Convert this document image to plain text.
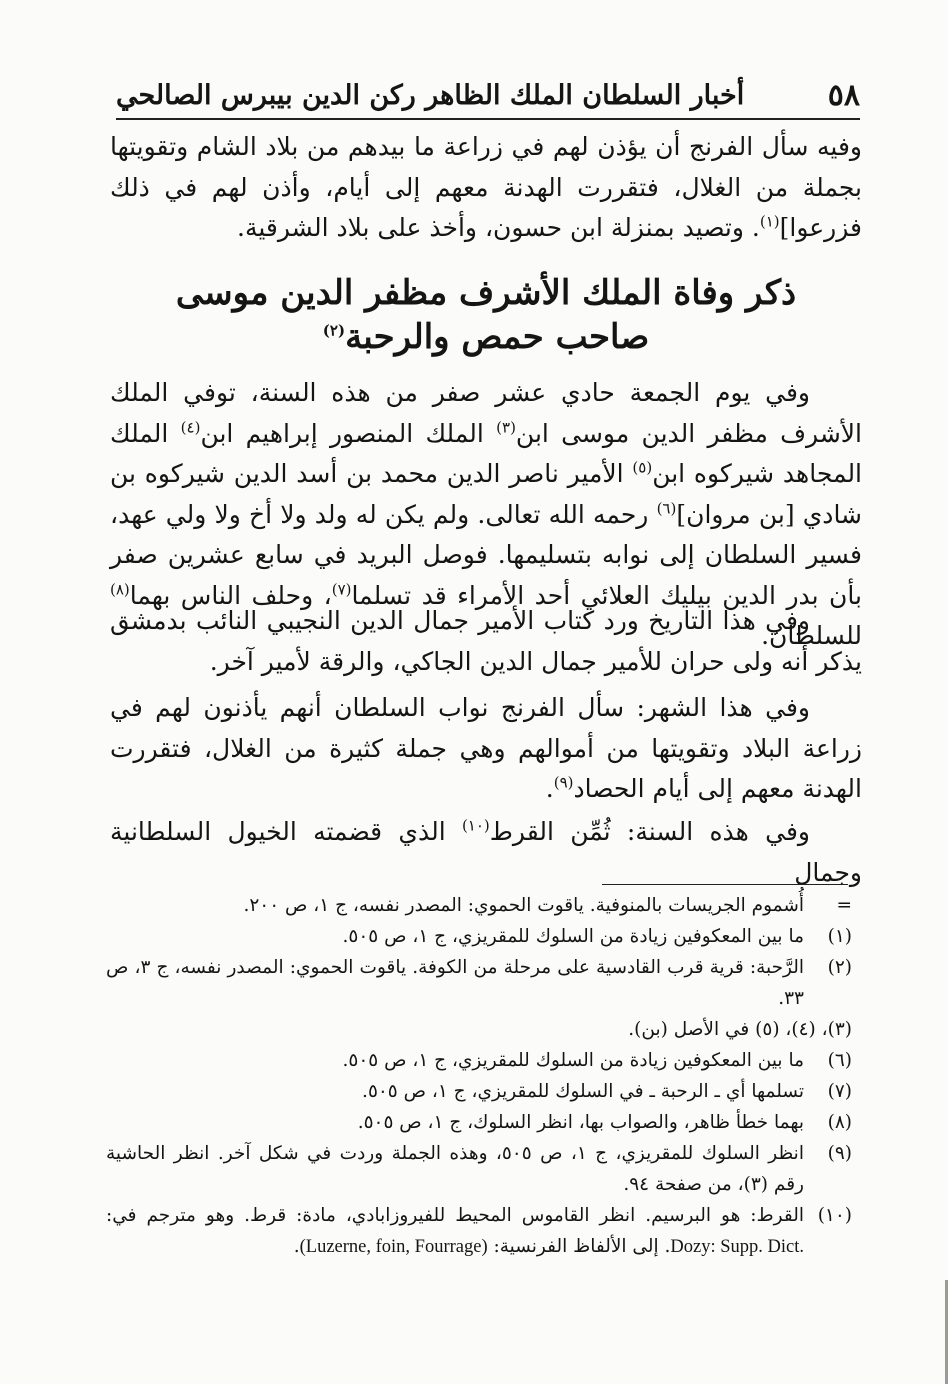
٥٨
أخبار السلطان الملك الظاهر ركن الدين بيبرس الصالحي
وفيه سأل الفرنج أن يؤذن لهم في زراعة ما بيدهم من بلاد الشام وتقويتها بجملة من الغلال، فتقررت الهدنة معهم إلى أيام، وأذن لهم في ذلك فزرعوا]$^{(١)}$. وتصيد بمنزلة ابن حسون، وأخذ على بلاد الشرقية.
ذكر وفاة الملك الأشرف مظفر الدين موسى
صاحب حمص والرحبة$^{(٢)}$
وفي يوم الجمعة حادي عشر صفر من هذه السنة، توفي الملك الأشرف مظفر الدين موسى ابن$^{(٣)}$ الملك المنصور إبراهيم ابن$^{(٤)}$ الملك المجاهد شيركوه ابن$^{(٥)}$ الأمير ناصر الدين محمد بن أسد الدين شيركوه بن شادي [بن مروان]$^{(٦)}$ رحمه الله تعالى. ولم يكن له ولد ولا أخ ولا ولي عهد، فسير السلطان إلى نوابه بتسليمها. فوصل البريد في سابع عشرين صفر بأن بدر الدين بيليك العلائي أحد الأمراء قد تسلما$^{(٧)}$، وحلف الناس بهما$^{(٨)}$ للسلطان.
وفي هذا التاريخ ورد كتاب الأمير جمال الدين النجيبي النائب بدمشق يذكر أنه ولى حران للأمير جمال الدين الجاكي، والرقة لأمير آخر.
وفي هذا الشهر: سأل الفرنج نواب السلطان أنهم يأذنون لهم في زراعة البلاد وتقويتها من أموالهم وهي جملة كثيرة من الغلال، فتقررت الهدنة معهم إلى أيام الحصاد$^{(٩)}$.
وفي هذه السنة: ثُمِّن القرط$^{(١٠)}$ الذي قضمته الخيول السلطانية وجمال
=
أُشموم الجريسات بالمنوفية. ياقوت الحموي: المصدر نفسه، ج ١، ص ٢٠٠.
(١)
ما بين المعكوفين زيادة من السلوك للمقريزي، ج ١، ص ٥٠٥.
(٢)
الرَّحبة: قرية قرب القادسية على مرحلة من الكوفة. ياقوت الحموي: المصدر نفسه، ج ٣، ص ٣٣.
(٣)، (٤)، (٥) في الأصل (بن).
(٦)
ما بين المعكوفين زيادة من السلوك للمقريزي، ج ١، ص ٥٠٥.
(٧)
تسلمها أي ـ الرحبة ـ في السلوك للمقريزي، ج ١، ص ٥٠٥.
(٨)
بهما خطأ ظاهر، والصواب بها، انظر السلوك، ج ١، ص ٥٠٥.
(٩)
انظر السلوك للمقريزي، ج ١، ص ٥٠٥، وهذه الجملة وردت في شكل آخر. انظر الحاشية رقم (٣)، من صفحة ٩٤.
(١٠)
القرط: هو البرسيم. انظر القاموس المحيط للفيروزابادي، مادة: قرط. وهو مترجم في: Dozy: Supp. Dict.. إلى الألفاظ الفرنسية: (Luzerne, foin, Fourrage).
